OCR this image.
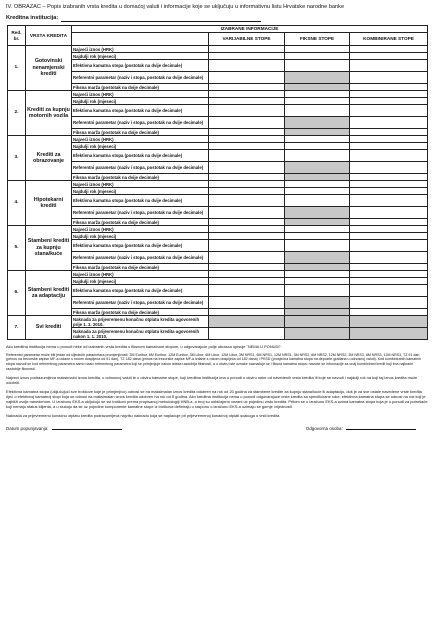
IV. OBRAZAC – Popis izabranih vrsta kredita u domaćoj valuti i informacije koje se uključuju u informativnu listu Hrvatske narodne banke
Kreditna institucija:
Red. br.	VRSTA KREDITA	IZABRANE INFORMACIJE			
			VARIJABILNE STOPE	FIKSNE STOPE	KOMBINIRANE STOPE
1.	Gotovinski nenamjenski krediti	Najveći iznos (HRK)			
		Najdulji rok (mjeseci)			
		Efektivna kamatna stopa (postotak na dvije decimale)			
		Referentni parametar (naziv i stopa, postotak na dvije decimale)			
		Fiksna marža (postotak na dvije decimale)			
2.	Krediti za kupnju motornih vozila	Najveći iznos (HRK)			
		Najdulji rok (mjeseci)			
		Efektivna kamatna stopa (postotak na dvije decimale)			
		Referentni parametar (naziv i stopa, postotak na dvije decimale)			
		Fiksna marža (postotak na dvije decimale)			
3.	Krediti za obrazovanje	Najveći iznos (HRK)			
		Najdulji rok (mjeseci)			
		Efektivna kamatna stopa (postotak na dvije decimale)			
		Referentni parametar (naziv i stopa, postotak na dvije decimale)			
		Fiksna marža (postotak na dvije decimale)			
4.	Hipotekarni krediti	Najveći iznos (HRK)			
		Najdulji rok (mjeseci)			
		Efektivna kamatna stopa (postotak na dvije decimale)			
		Referentni parametar (naziv i stopa, postotak na dvije decimale)			
		Fiksna marža (postotak na dvije decimale)			
5.	Stambeni krediti za kupnju stana/kuće	Najveći iznos (HRK)			
		Najdulji rok (mjeseci)			
		Efektivna kamatna stopa (postotak na dvije decimale)			
		Referentni parametar (naziv i stopa, postotak na dvije decimale)			
		Fiksna marža (postotak na dvije decimale)			
6.	Stambeni krediti za adaptaciju	Najveći iznos (HRK)			
		Najdulji rok (mjeseci)			
		Efektivna kamatna stopa (postotak na dvije decimale)			
		Referentni parametar (naziv i stopa, postotak na dvije decimale)			
		Fiksna marža (postotak na dvije decimale)			
7.	Svi krediti	Naknada za prijevremenu konačnu otplatu kredita ugovorenih prije 1. 1. 2010.			
		Naknada za prijevremenu konačnu otplatu kredita ugovorenih nakon 1. 1. 2010.			

Ako kreditna institucija nema u ponudi neke od izabranih vrsta kredita s fiksnom kamatnom stopom, u odgovarajuće polje obrasca upisuje "NEMA U PONUDI".

Referentni parametar može biti jedan od sljedećih parametara promjenjivosti: 3M Euribor, 6M Euribor, 12M Euribor, 3M Libor, 6M Libor, 12M Libor, 3M NRS1, 6M NRS1, 12M NRS1, 3M NRS2, 6M NRS2, 12M NRS2, 3M NRS3, 6M NRS3, 12M NRS3, TZ 91 dan (prinos na trezorske zapise MF-a izdane s rokom dospijeća od 91 dan), TZ 182 dana (prinos na trezorske zapise MF-a izdane s rokom dospijeća od 182 dana) i PKSD (prosječna kamatna stopa na depozite građana u odnosnoj valuti). Kod kombiniranih kamatnih stopa navodi se kod referentnog parametra samo naziv referentnog parametra koji se primjenjuje nakon isteka razdoblja fiksnosti, a u okviru iste oznake naznačuje se i fiksna kamatna stopa; navode se informacije za onaj kombinirani kredit koji ima najkraće razdoblje fiksnosti.

Najveći iznos podrazumijeva maksimalni iznos kredita, u odnosnoj valuti te u okviru kamatne stope, koji kreditna institucija ima u ponudi u okviru neke od navedenih vrsta kredita ili koje se navodi i najdulji rok na koji taj iznos kredita može odobriti.

Efektivna kamatna stopa (uključujući sve troškove koje je primjenjivo) odnosi se na maksimalan iznos kredita odobren na rok od 20 godina za stambene kredite za kupnju stana/kuće ili adaptaciju, dok je za sve ostale navedene vrste kredita riječ o efektivnoj kamatnoj stopi koja se odnosi na maksimalan iznos kredita odobren na rok od 5 godina. Ako kreditna institucija nema u ponudi odgovarajuće vrste kredita sa specificirane roke, efektivna kamatna stopa se odnosi na rok koji je najbliži ovdje navedenom. U izračunu EKS-a uključuju se svi troškovi prema propisanoj metodologiji HNB-a, a broj su uobičajeno vezani uz pojedinu vrstu kredita. Pritom se u izračunu EKS-a uzima kamatna stopa koja je u ponudi za potrošače koji nemaju status klijenta, a u slučaju da se uz pojedine komponente kamatne stope iz troškova definiraju u rasponu u izračunu EKS-a uzimaju se gornje vrijednosti.

Naknada za prijevremenu konačnu otplatu kredita podrazumijeva najvišu naknadu koja se naplaćuje pri prijevremenoj konačnoj otplati svakoga o vrsti kredita.

Datum popunjavanja:	Odgovorna osoba:
